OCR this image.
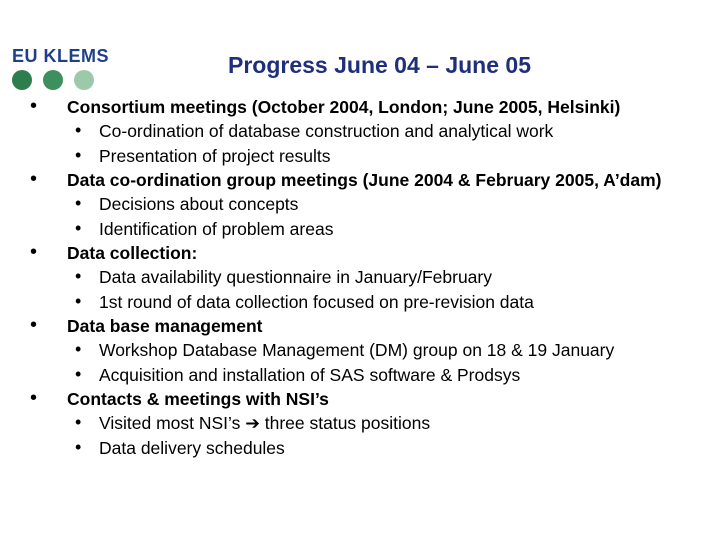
EU KLEMS	Progress June 04 – June 05
• Consortium meetings (October 2004, London; June 2005, Helsinki)
• Co-ordination of database construction and analytical work
• Presentation of project results
• Data co-ordination group meetings (June 2004 & February 2005, A’dam)
• Decisions about concepts
• Identification of problem areas
• Data collection:
• Data availability questionnaire in January/February
• 1st round of data collection focused on pre-revision data
• Data base management
• Workshop Database Management (DM) group on 18 & 19 January
• Acquisition and installation of SAS software & Prodsys
• Contacts & meetings with NSI’s
• Visited most NSI’s ➔ three status positions
• Data delivery schedules
